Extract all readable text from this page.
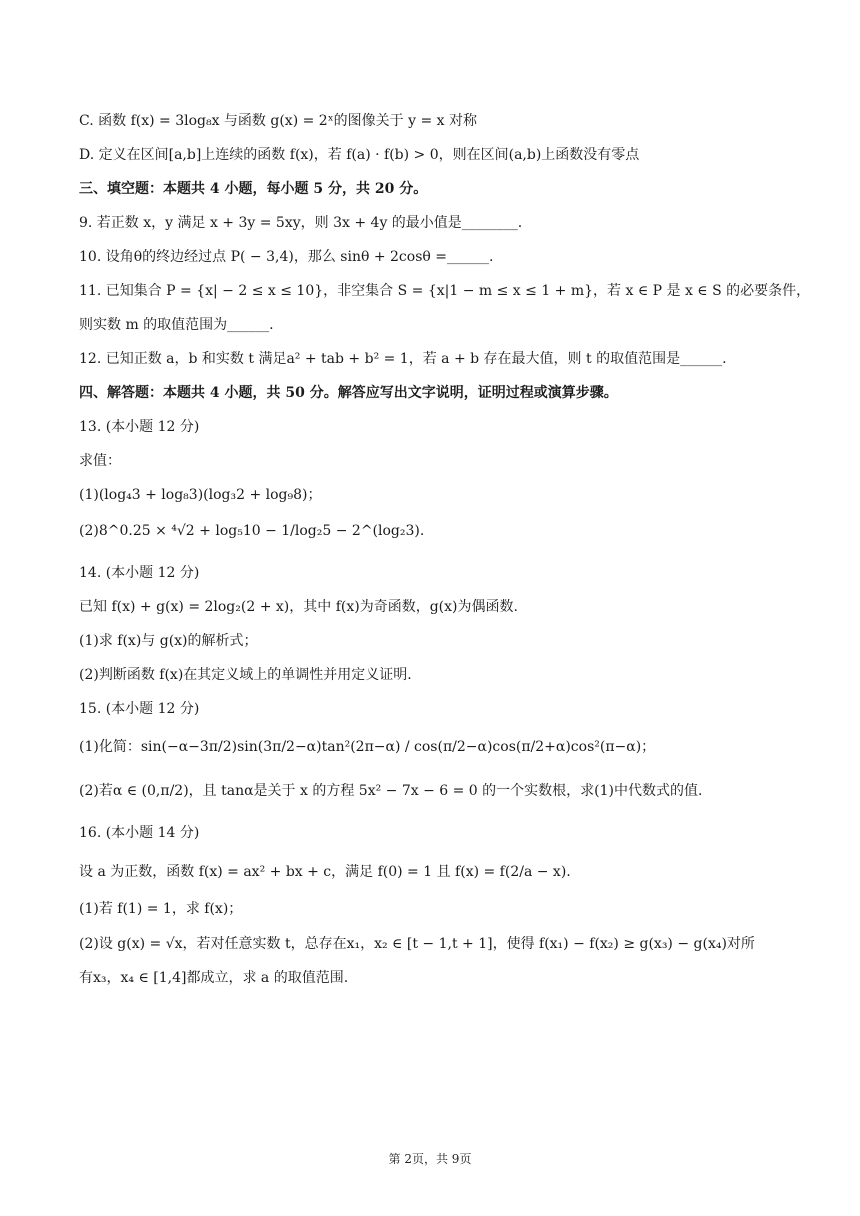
C. 函数 f(x) = 3log₈x 与函数 g(x) = 2ˣ的图像关于 y = x 对称
D. 定义在区间[a,b]上连续的函数 f(x)，若 f(a) · f(b) > 0，则在区间(a,b)上函数没有零点
三、填空题：本题共 4 小题，每小题 5 分，共 20 分。
9. 若正数 x，y 满足 x + 3y = 5xy，则 3x + 4y 的最小值是________.
10. 设角θ的终边经过点 P( − 3,4)，那么 sinθ + 2cosθ =______.
11. 已知集合 P = {x| − 2 ≤ x ≤ 10}，非空集合 S = {x|1 − m ≤ x ≤ 1 + m}，若 x ∈ P 是 x ∈ S 的必要条件，
则实数 m 的取值范围为______.
12. 已知正数 a，b 和实数 t 满足a² + tab + b² = 1，若 a + b 存在最大值，则 t 的取值范围是______.
四、解答题：本题共 4 小题，共 50 分。解答应写出文字说明，证明过程或演算步骤。
13. (本小题 12 分)
求值：
(1)(log₄3 + log₈3)(log₃2 + log₉8)；
(2)8^0.25 × ⁴√2 + log₅10 − 1/log₂5 − 2^(log₂3).
14. (本小题 12 分)
已知 f(x) + g(x) = 2log₂(2 + x)，其中 f(x)为奇函数，g(x)为偶函数.
(1)求 f(x)与 g(x)的解析式；
(2)判断函数 f(x)在其定义域上的单调性并用定义证明.
15. (本小题 12 分)
(1)化简：sin(−α−3π/2)sin(3π/2−α)tan²(2π−α) / cos(π/2−α)cos(π/2+α)cos²(π−α)；
(2)若α ∈ (0,π/2)，且 tanα是关于 x 的方程 5x² − 7x − 6 = 0 的一个实数根，求(1)中代数式的值.
16. (本小题 14 分)
设 a 为正数，函数 f(x) = ax² + bx + c，满足 f(0) = 1 且 f(x) = f(2/a − x).
(1)若 f(1) = 1，求 f(x)；
(2)设 g(x) = √x，若对任意实数 t，总存在x₁，x₂ ∈ [t − 1,t + 1]，使得 f(x₁) − f(x₂) ≥ g(x₃) − g(x₄)对所
有x₃，x₄ ∈ [1,4]都成立，求 a 的取值范围.
第 2页，共 9页
